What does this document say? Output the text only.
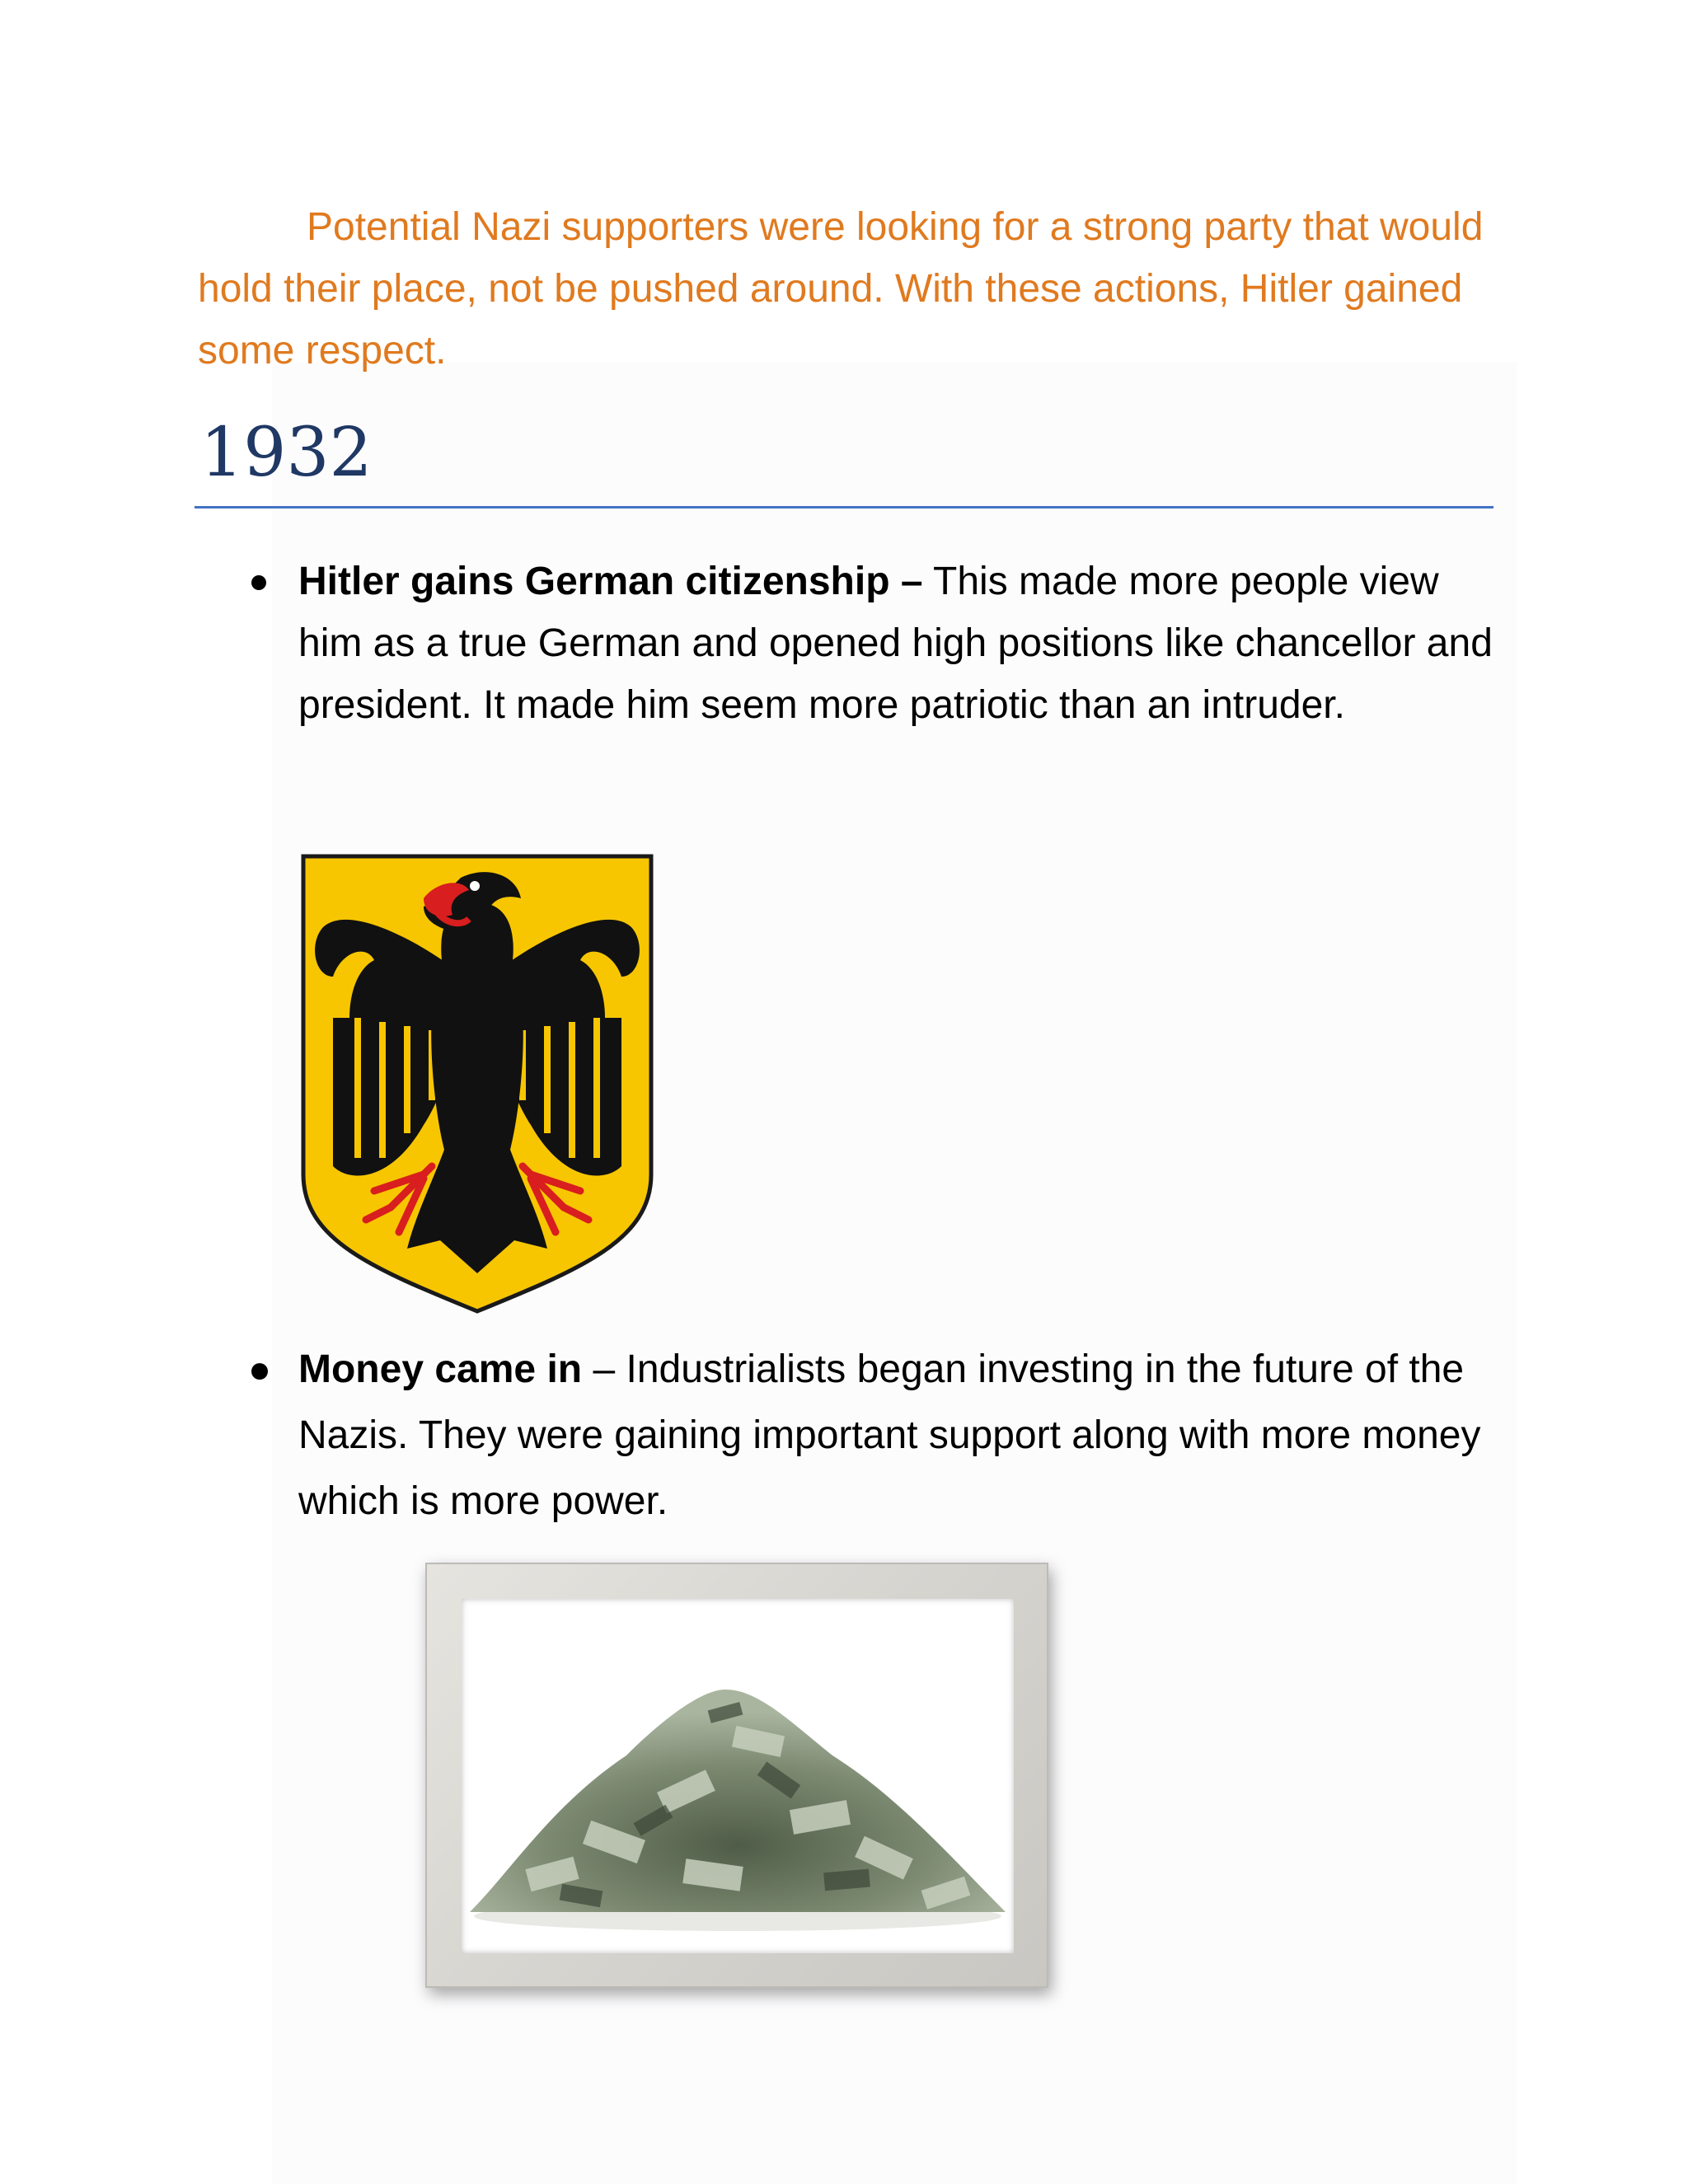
Potential Nazi supporters were looking for a strong party that would hold their place, not be pushed around. With these actions, Hitler gained some respect.

1932
Hitler gains German citizenship – This made more people view him as a true German and opened high positions like chancellor and president. It made him seem more patriotic than an intruder.
Money came in – Industrialists began investing in the future of the Nazis. They were gaining important support along with more money which is more power.
